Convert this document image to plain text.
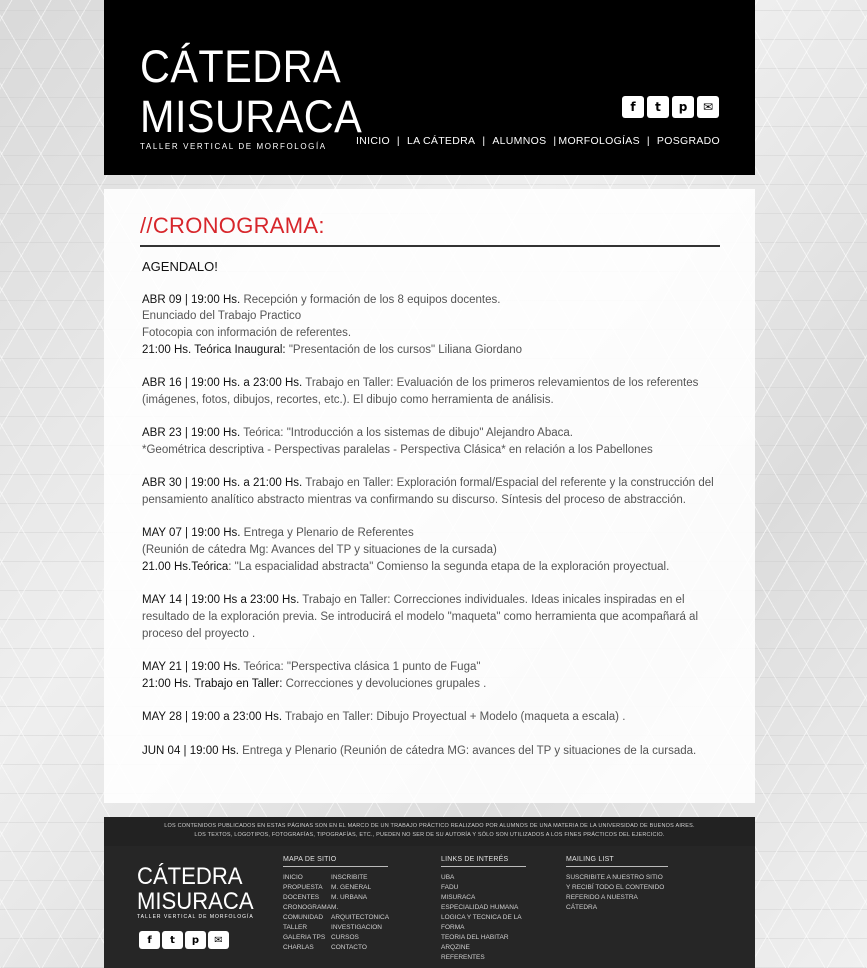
CÁTEDRA
MISURACA
TALLER VERTICAL DE MORFOLOGÍA
f	t	p	✉
INICIO | LA CÁTEDRA | ALUMNOS | MORFOLOGÍAS | POSGRADO
//CRONOGRAMA:
AGENDALO!

ABR 09 | 19:00 Hs. Recepción y formación de los 8 equipos docentes.

Enunciado del Trabajo Practico

Fotocopia con información de referentes.

21:00 Hs. Teórica Inaugural: "Presentación de los cursos" Liliana Giordano

ABR 16 | 19:00 Hs. a 23:00 Hs. Trabajo en Taller: Evaluación de los primeros relevamientos de los referentes (imágenes, fotos, dibujos, recortes, etc.). El dibujo como herramienta de análisis.

ABR 23 | 19:00 Hs. Teórica: "Introducción a los sistemas de dibujo" Alejandro Abaca.

*Geométrica descriptiva - Perspectivas paralelas - Perspectiva Clásica* en relación a los Pabellones

ABR 30 | 19:00 Hs. a 21:00 Hs. Trabajo en Taller: Exploración formal/Espacial del referente y la construcción del pensamiento analítico abstracto mientras va confirmando su discurso. Síntesis del proceso de abstracción.

MAY 07 | 19:00 Hs. Entrega y Plenario de Referentes

(Reunión de cátedra Mg: Avances del TP y situaciones de la cursada)

21.00 Hs.Teórica: "La espacialidad abstracta" Comienso la segunda etapa de la exploración proyectual.

MAY 14 | 19:00 Hs a 23:00 Hs. Trabajo en Taller: Correcciones individuales. Ideas inicales inspiradas en el resultado de la exploración previa. Se introducirá el modelo "maqueta" como herramienta que acompañará al proceso del proyecto .

MAY 21 | 19:00 Hs. Teórica: "Perspectiva clásica 1 punto de Fuga"

21:00 Hs. Trabajo en Taller: Correcciones y devoluciones grupales .

MAY 28 | 19:00 a 23:00 Hs. Trabajo en Taller: Dibujo Proyectual + Modelo (maqueta a escala) .

JUN 04 | 19:00 Hs. Entrega y Plenario (Reunión de cátedra MG: avances del TP y situaciones de la cursada.

LOS CONTENIDOS PUBLICADOS EN ESTAS PÁGINAS SON EN EL MARCO DE UN TRABAJO PRÁCTICO REALIZADO POR ALUMNOS DE UNA MATERIA DE LA UNIVERSIDAD DE BUENOS AIRES.
LOS TEXTOS, LOGOTIPOS, FOTOGRAFÍAS, TIPOGRAFÍAS, ETC., PUEDEN NO SER DE SU AUTORÍA Y SÓLO SON UTILIZADOS A LOS FINES PRÁCTICOS DEL EJERCICIO.
CÁTEDRA
MISURACA
TALLER VERTICAL DE MORFOLOGÍA
f	t	p	✉
MAPA DE SITIO
INICIO
PROPUESTA
DOCENTES
CRONOGRAMA
COMUNIDAD
TALLER
GALERIA TPS
CHARLAS
INSCRIBITE
M. GENERAL
M. URBANA
M. ARQUITECTONICA
INVESTIGACION
CURSOS
CONTACTO
LINKS DE INTERÉS
UBA
FADU
MISURACA
ESPECIALIDAD HUMANA
LOGICA Y TECNICA DE LA FORMA
TEORIA DEL HABITAR
ARQZINE
REFERENTES
MAILING LIST
SUSCRIBITE A NUESTRO SITIO Y RECIBÍ TODO EL CONTENIDO REFERIDO A NUESTRA CÁTEDRA
